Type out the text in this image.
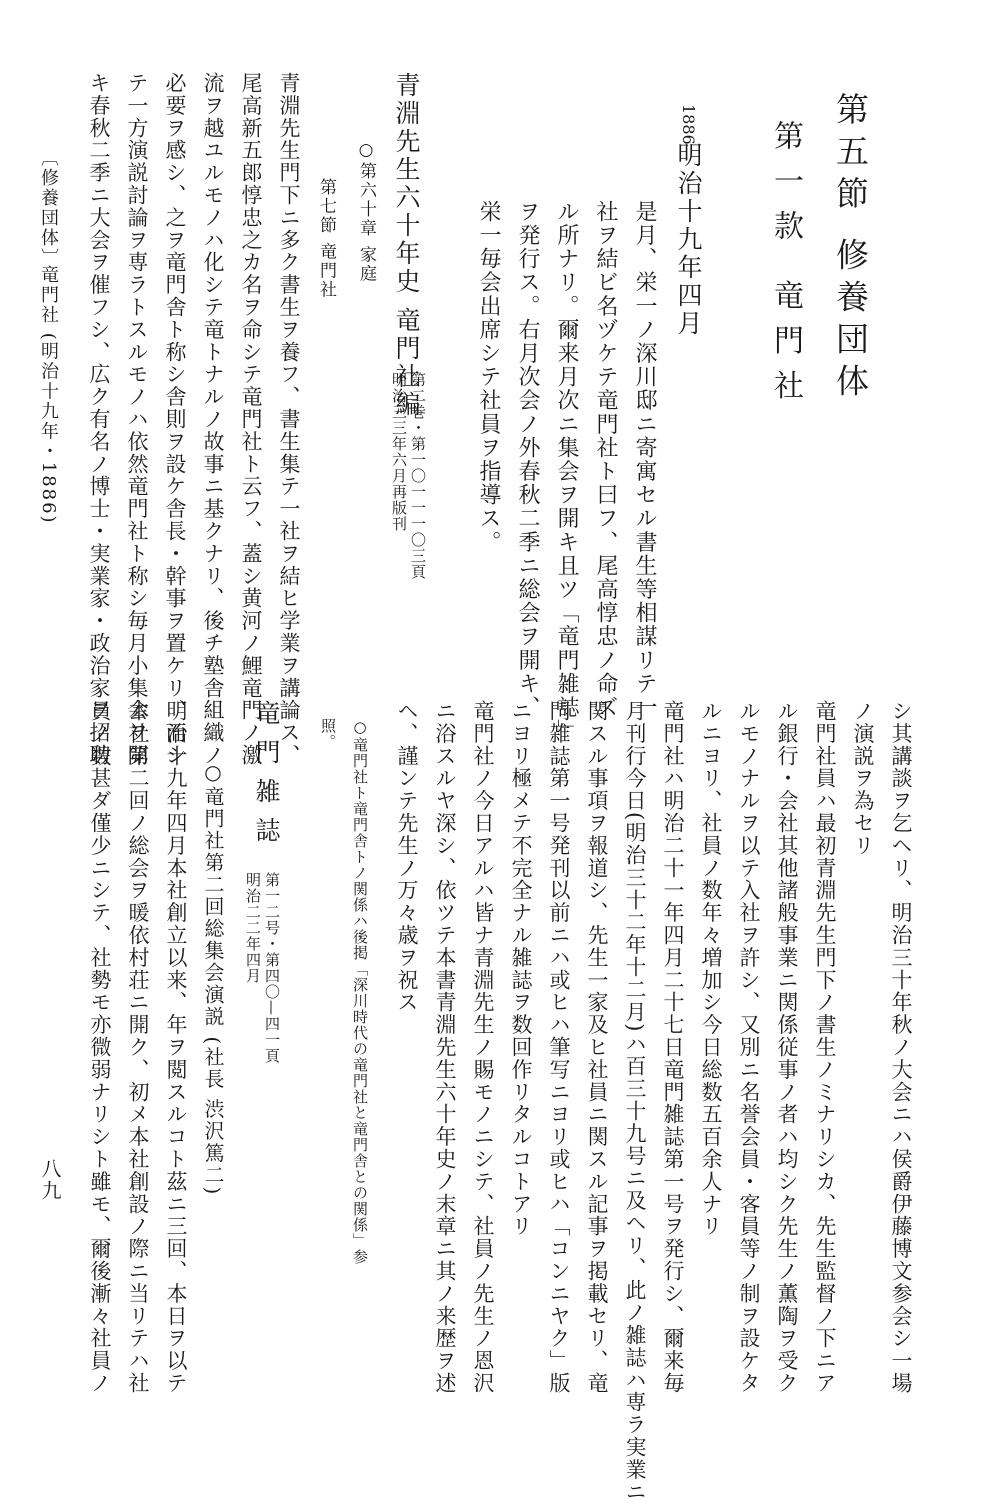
第五節 修養団体
第一款 竜門社
1886
明治十九年四月
是月、栄一ノ深川邸ニ寄寓セル書生等相謀リテ一
社ヲ結ビ名ヅケテ竜門社ト曰フ、尾高惇忠ノ命ズ
ル所ナリ。爾来月次ニ集会ヲ開キ且ツ「竜門雑誌」
ヲ発行ス。右月次会ノ外春秋二季ニ総会ヲ開キ、
栄一毎会出席シテ社員ヲ指導ス。
青淵先生六十年史 竜門社編
第二巻・第一〇一一一〇三頁
明治三三年六月再版刊
○第六十章 家庭
第七節 竜門社
青淵先生門下ニ多ク書生ヲ養フ、書生集テ一社ヲ結ヒ学業ヲ講論ス、
尾高新五郎惇忠之カ名ヲ命シテ竜門社ト云フ、蓋シ黄河ノ鯉竜門ノ激
流ヲ越ユルモノハ化シテ竜トナルノ故事ニ基クナリ、後チ塾舎組織ノ
必要ヲ感シ、之ヲ竜門舎ト称シ舎則ヲ設ケ舎長・幹事ヲ置ケリ、而シ
テ一方演説討論ヲ専ラトスルモノハ依然竜門社ト称シ毎月小集会ヲ開
キ春秋二季ニ大会ヲ催フシ、広ク有名ノ博士・実業家・政治家ヲ招聘
〔修養団体〕
竜門社 (明治十九年・1886)
シ其講談ヲ乞ヘリ、明治三十年秋ノ大会ニハ侯爵伊藤博文参会シ一場
ノ演説ヲ為セリ
竜門社員ハ最初青淵先生門下ノ書生ノミナリシカ、先生監督ノ下ニア
ル銀行・会社其他諸般事業ニ関係従事ノ者ハ均シク先生ノ薫陶ヲ受ク
ルモノナルヲ以テ入社ヲ許シ、又別ニ名誉会員・客員等ノ制ヲ設ケタ
ルニヨリ、社員ノ数年々増加シ今日総数五百余人ナリ
竜門社ハ明治二十一年四月二十七日竜門雑誌第一号ヲ発行シ、爾来毎
月刊行今日(明治三十二年十二月)ハ百三十九号ニ及ヘリ、此ノ雑誌ハ専ラ実業ニ
関スル事項ヲ報道シ、先生一家及ヒ社員ニ関スル記事ヲ掲載セリ、竜
門雑誌第一号発刊以前ニハ或ヒハ筆写ニヨリ或ヒハ「コンニヤク」版
ニヨリ極メテ不完全ナル雑誌ヲ数回作リタルコトアリ
竜門社ノ今日アルハ皆ナ青淵先生ノ賜モノニシテ、社員ノ先生ノ恩沢
ニ浴スルヤ深シ、依ツテ本書青淵先生六十年史ノ末章ニ其ノ来歴ヲ述
ヘ、謹ンテ先生ノ万々歳ヲ祝ス
○竜門社ト竜門舎トノ関係ハ後掲「深川時代の竜門社と竜門舎との関係」参
照。
竜門雑誌
第一二号・第四〇—四一頁
明治二二年四月
○竜門社第二回総集会演説 (社長 渋沢篤二)
明治十九年四月本社創立以来、年ヲ閲スルコト茲ニ三回、本日ヲ以テ
本社第二回ノ総会ヲ暖依村荘ニ開ク、初メ本社創設ノ際ニ当リテハ社
員ノ数甚ダ僅少ニシテ、社勢モ亦微弱ナリシト雖モ、爾後漸々社員ノ
八九
